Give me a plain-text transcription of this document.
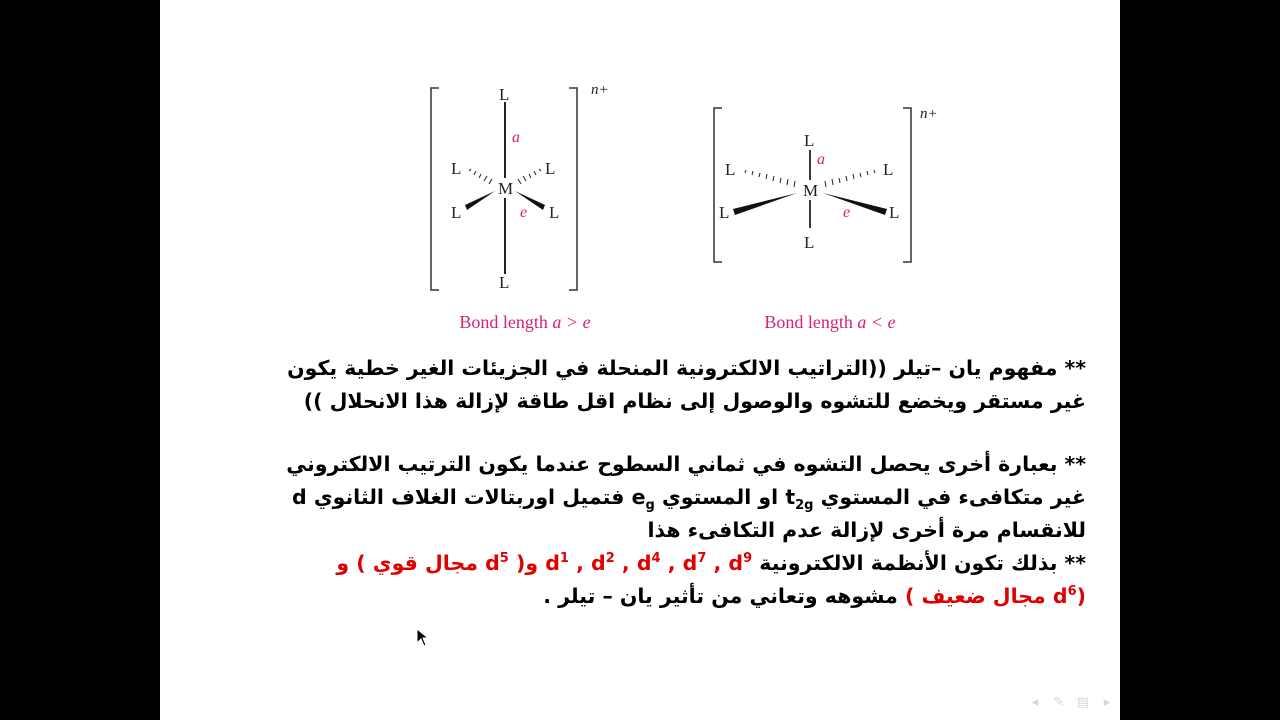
n+
L
L
L	L
L	L
M
a
e
Bond length a > e
n+
L
L
L	L
L	L
M
a
e
Bond length a < e

** مفهوم يان –تيلر ((التراتيب الالكترونية المنحلة في الجزيئات الغير خطية يكون
غير مستقر ويخضع للتشوه والوصول إلى نظام اقل طاقة لإزالة هذا الانحلال ))

** بعبارة أخرى يحصل التشوه في ثماني السطوح عندما يكون الترتيب الالكتروني
غير متكافىء في المستوي $t_{2g}$ او المستوي $e_g$ فتميل اوربتالات الغلاف الثانوي d
للانقسام مرة أخرى لإزالة عدم التكافىء هذا

** بذلك تكون الأنظمة الالكترونية $d^1$ , $d^2$ , $d^4$ , $d^7$ , $d^9$ و( $d^5$ مجال قوي ) و
($d^6$ مجال ضعيف ) مشوهه وتعاني من تأثير يان – تيلر .

◂ ✎ ▤ ▸
